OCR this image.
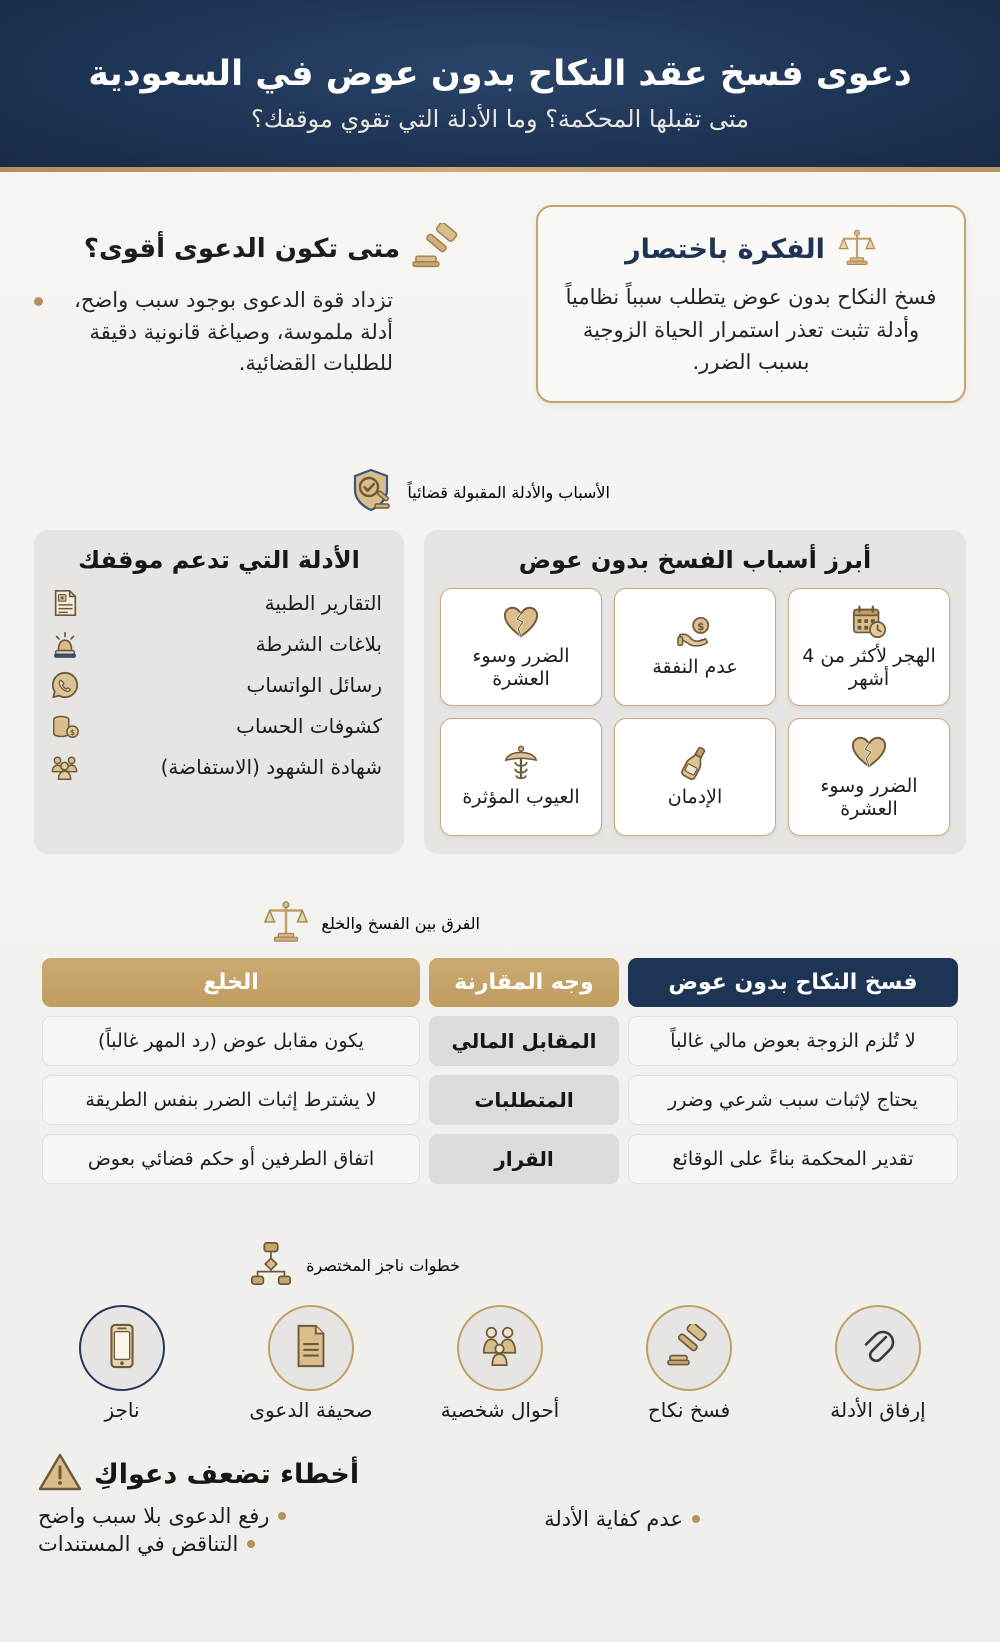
دعوى فسخ عقد النكاح بدون عوض في السعودية
متى تقبلها المحكمة؟ وما الأدلة التي تقوي موقفك؟
الفكرة باختصار

فسخ النكاح بدون عوض يتطلب سبباً نظامياً وأدلة تثبت تعذر استمرار الحياة الزوجية بسبب الضرر.

متى تكون الدعوى أقوى؟

تزداد قوة الدعوى بوجود سبب واضح، أدلة ملموسة، وصياغة قانونية دقيقة للطلبات القضائية.

الأسباب والأدلة المقبولة قضائياً
أبرز أسباب الفسخ بدون عوض
الهجر لأكثر من 4 أشهر
$
عدم النفقة
الضرر وسوء العشرة
الضرر وسوء العشرة
الإدمان
العيوب المؤثرة
الأدلة التي تدعم موقفك
التقارير الطبية
بلاغات الشرطة
رسائل الواتساب
كشوفات الحساب
$
شهادة الشهود (الاستفاضة)
الفرق بين الفسخ والخلع
فسخ النكاح بدون عوض
وجه المقارنة
الخلع
لا تُلزم الزوجة بعوض مالي غالباً
المقابل المالي
يكون مقابل عوض (رد المهر غالباً)
يحتاج لإثبات سبب شرعي وضرر
المتطلبات
لا يشترط إثبات الضرر بنفس الطريقة
تقدير المحكمة بناءً على الوقائع
القرار
اتفاق الطرفين أو حكم قضائي بعوض
خطوات ناجز المختصرة
إرفاق الأدلة
فسخ نكاح
أحوال شخصية
صحيفة الدعوى
ناجز
أخطاء تضعف دعواكِ
رفع الدعوى بلا سبب واضح
التناقض في المستندات
عدم كفاية الأدلة
